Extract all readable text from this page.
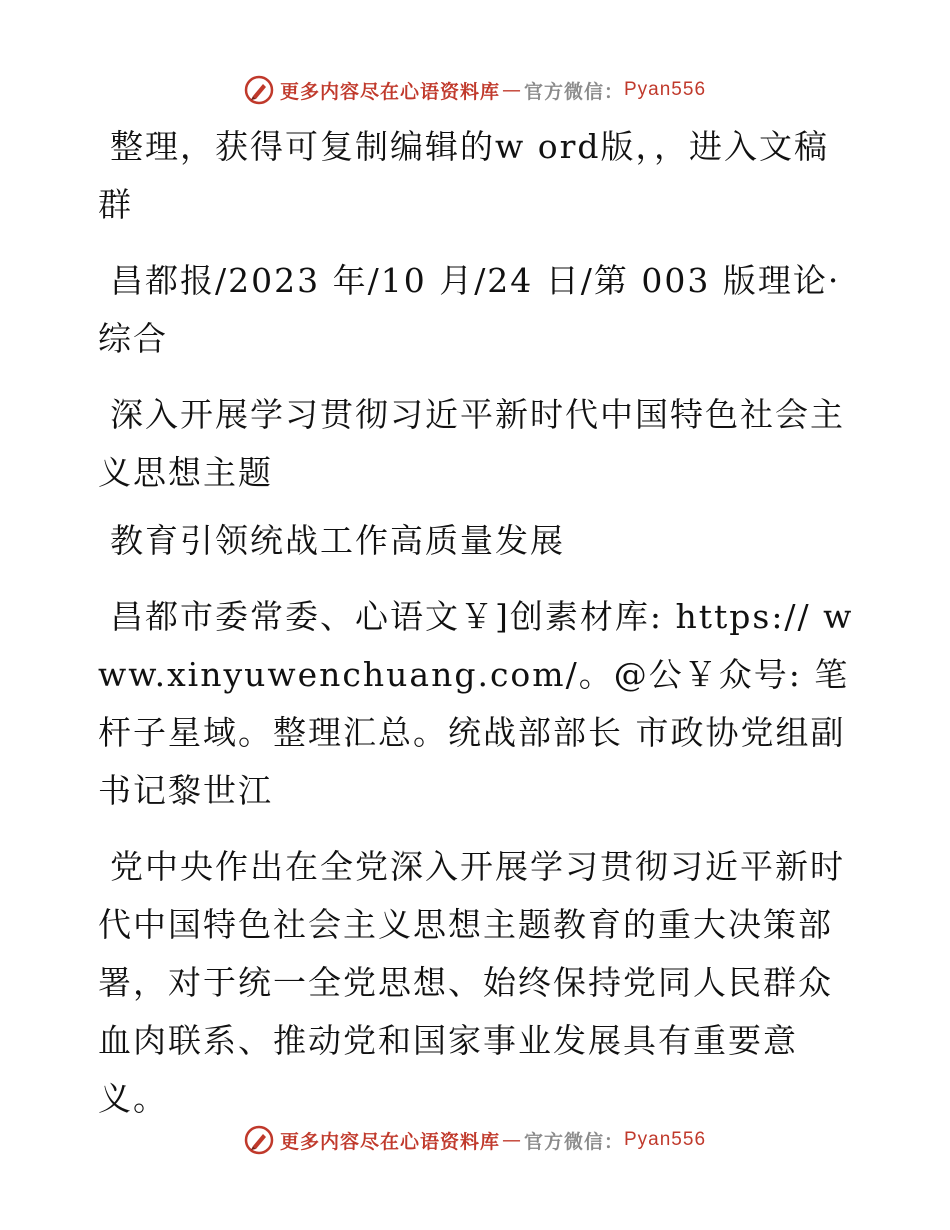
更多内容尽在心语资料库 — 官方微信： Pyan556

整理，获得可复制编辑的w ord版，，进入文稿群

昌都报/2023 年/10 月/24 日/第 003 版理论·综合

深入开展学习贯彻习近平新时代中国特色社会主义思想主题

教育引领统战工作高质量发展

昌都市委常委、心语文￥]创素材库: https:// www.xinyuwenchuang.com/。@公￥众号: 笔杆子星域。整理汇总。统战部部长 市政协党组副书记黎世江

党中央作出在全党深入开展学习贯彻习近平新时代中国特色社会主义思想主题教育的重大决策部署，对于统一全党思想、始终保持党同人民群众血肉联系、推动党和国家事业发展具有重要意义。

更多内容尽在心语资料库 — 官方微信： Pyan556
